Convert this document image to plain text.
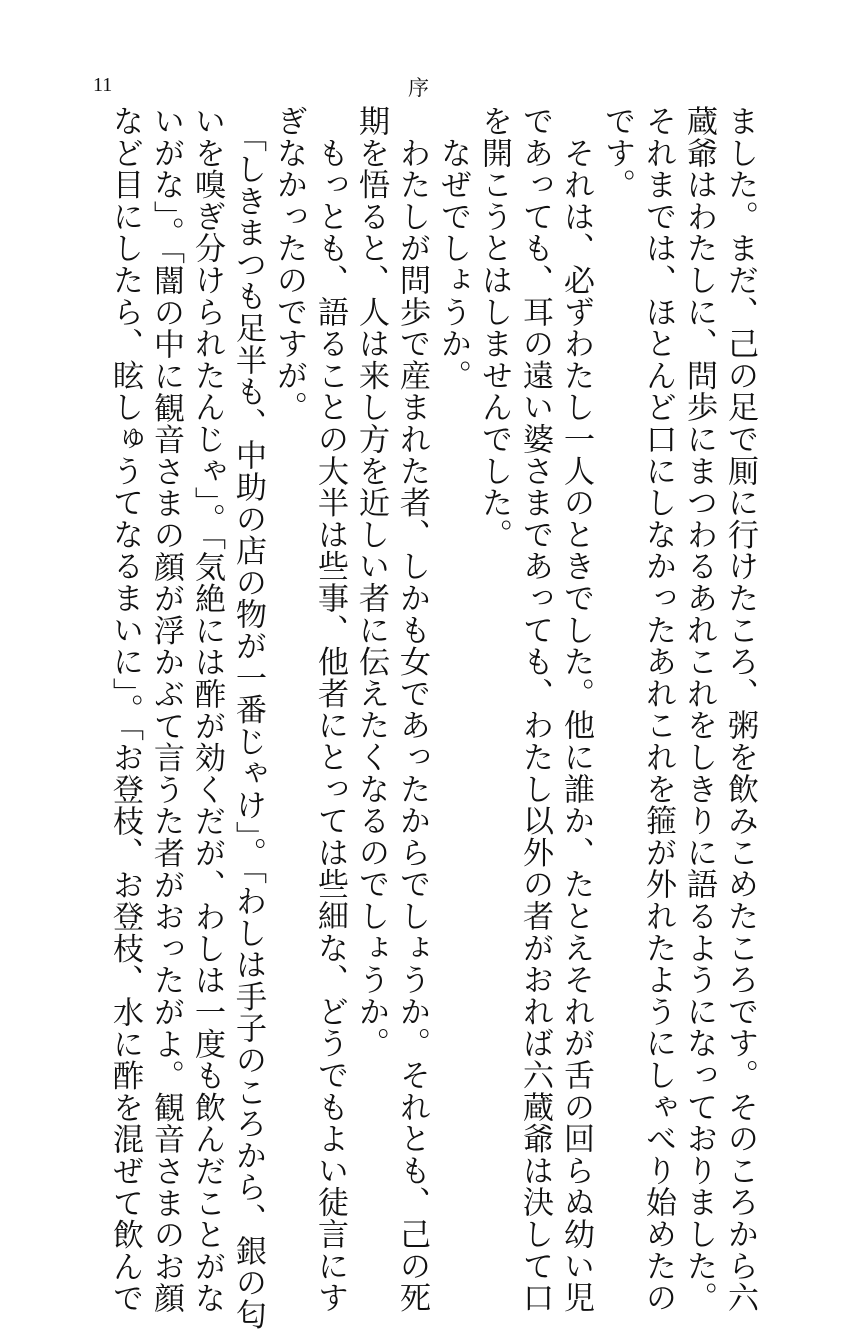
11	序
ました。まだ、己の足で厠に行けたころ、粥を飲みこめたころです。そのころから六
蔵爺はわたしに、問歩にまつわるあれこれをしきりに語るようになっておりました。
それまでは、ほとんど口にしなかったあれこれを箍が外れたようにしゃべり始めたの
です。
　それは、必ずわたし一人のときでした。他に誰か、たとえそれが舌の回らぬ幼い児
であっても、耳の遠い婆さまであっても、わたし以外の者がおれば六蔵爺は決して口
を開こうとはしませんでした。
　なぜでしょうか。
　わたしが問歩で産まれた者、しかも女であったからでしょうか。それとも、己の死
期を悟ると、人は来し方を近しい者に伝えたくなるのでしょうか。
　もっとも、語ることの大半は些事、他者にとっては些細な、どうでもよい徒言にす
ぎなかったのですが。
　「しきまつも足半も、中助の店の物が一番じゃけ」。「わしは手子のころから、銀の匂
いを嗅ぎ分けられたんじゃ」。「気絶には酢が効くだが、わしは一度も飲んだことがな
いがな」。「闇の中に観音さまの顔が浮かぶて言うた者がおったがよ。観音さまのお顔
など目にしたら、眩しゅうてなるまいに」。「お登枝、お登枝、水に酢を混ぜて飲んで
